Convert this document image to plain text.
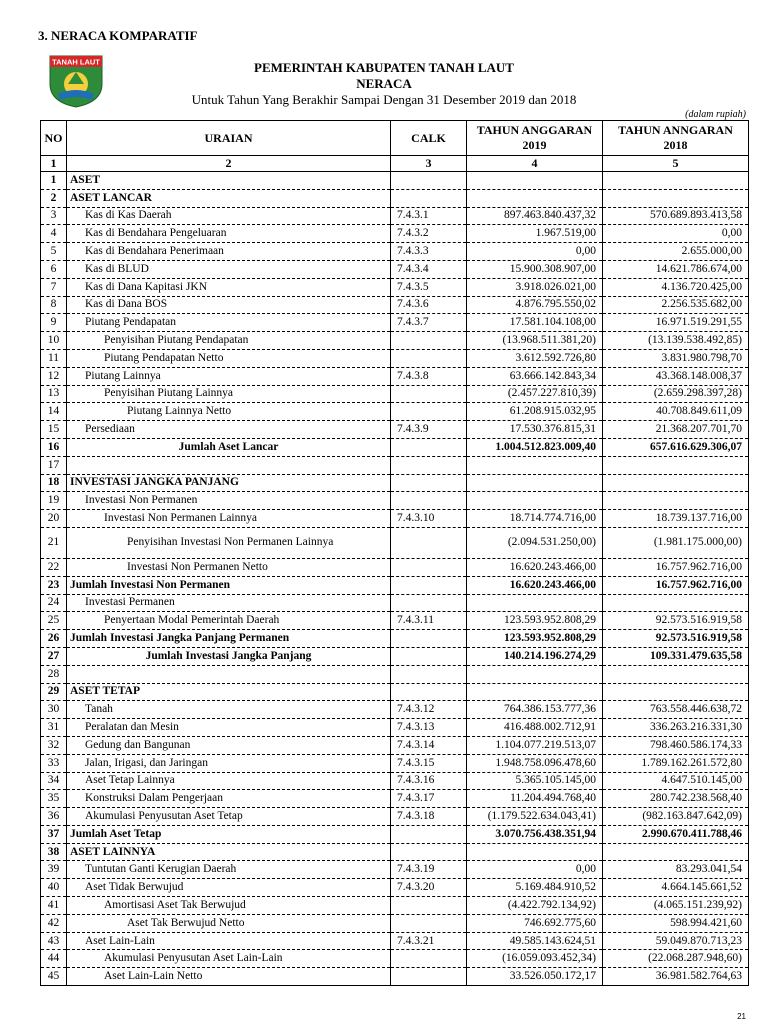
3. NERACA KOMPARATIF
TANAH LAUT	PEMERINTAH KABUPATEN TANAH LAUT
NERACA
Untuk Tahun Yang Berakhir Sampai Dengan 31 Desember 2019 dan 2018
(dalam rupiah)
NO	URAIAN	CALK	TAHUN ANGGARAN 2019	TAHUN ANNGARAN 2018
1	2	3	4	5
1	ASET			
2	ASET LANCAR			
3	Kas di Kas Daerah	7.4.3.1	897.463.840.437,32	570.689.893.413,58
4	Kas di Bendahara Pengeluaran	7.4.3.2	1.967.519,00	0,00
5	Kas di Bendahara Penerimaan	7.4.3.3	0,00	2.655.000,00
6	Kas di BLUD	7.4.3.4	15.900.308.907,00	14.621.786.674,00
7	Kas di Dana Kapitasi JKN	7.4.3.5	3.918.026.021,00	4.136.720.425,00
8	Kas di Dana BOS	7.4.3.6	4.876.795.550,02	2.256.535.682,00
9	Piutang Pendapatan	7.4.3.7	17.581.104.108,00	16.971.519.291,55
10	Penyisihan Piutang Pendapatan		(13.968.511.381,20)	(13.139.538.492,85)
11	Piutang Pendapatan Netto		3.612.592.726,80	3.831.980.798,70
12	Piutang Lainnya	7.4.3.8	63.666.142.843,34	43.368.148.008,37
13	Penyisihan Piutang Lainnya		(2.457.227.810,39)	(2.659.298.397,28)
14	Piutang Lainnya Netto		61.208.915.032,95	40.708.849.611,09
15	Persediaan	7.4.3.9	17.530.376.815,31	21.368.207.701,70
16	Jumlah Aset Lancar		1.004.512.823.009,40	657.616.629.306,07
17				
18	INVESTASI JANGKA PANJANG			
19	Investasi Non Permanen			
20	Investasi Non Permanen Lainnya	7.4.3.10	18.714.774.716,00	18.739.137.716,00
21	Penyisihan Investasi Non Permanen Lainnya		(2.094.531.250,00)	(1.981.175.000,00)
22	Investasi Non Permanen Netto		16.620.243.466,00	16.757.962.716,00
23	Jumlah Investasi Non Permanen		16.620.243.466,00	16.757.962.716,00
24	Investasi Permanen			
25	Penyertaan Modal Pemerintah Daerah	7.4.3.11	123.593.952.808,29	92.573.516.919,58
26	Jumlah Investasi Jangka Panjang Permanen		123.593.952.808,29	92.573.516.919,58
27	Jumlah Investasi Jangka Panjang		140.214.196.274,29	109.331.479.635,58
28				
29	ASET TETAP			
30	Tanah	7.4.3.12	764.386.153.777,36	763.558.446.638,72
31	Peralatan dan Mesin	7.4.3.13	416.488.002.712,91	336.263.216.331,30
32	Gedung dan Bangunan	7.4.3.14	1.104.077.219.513,07	798.460.586.174,33
33	Jalan, Irigasi, dan Jaringan	7.4.3.15	1.948.758.096.478,60	1.789.162.261.572,80
34	Aset Tetap Lainnya	7.4.3.16	5.365.105.145,00	4.647.510.145,00
35	Konstruksi Dalam Pengerjaan	7.4.3.17	11.204.494.768,40	280.742.238.568,40
36	Akumulasi Penyusutan Aset Tetap	7.4.3.18	(1.179.522.634.043,41)	(982.163.847.642,09)
37	Jumlah Aset Tetap		3.070.756.438.351,94	2.990.670.411.788,46
38	ASET LAINNYA			
39	Tuntutan Ganti Kerugian Daerah	7.4.3.19	0,00	83.293.041,54
40	Aset Tidak Berwujud	7.4.3.20	5.169.484.910,52	4.664.145.661,52
41	Amortisasi Aset Tak Berwujud		(4.422.792.134,92)	(4.065.151.239,92)
42	Aset Tak Berwujud Netto		746.692.775,60	598.994.421,60
43	Aset Lain-Lain	7.4.3.21	49.585.143.624,51	59.049.870.713,23
44	Akumulasi Penyusutan Aset Lain-Lain		(16.059.093.452,34)	(22.068.287.948,60)
45	Aset Lain-Lain Netto		33.526.050.172,17	36.981.582.764,63
21
